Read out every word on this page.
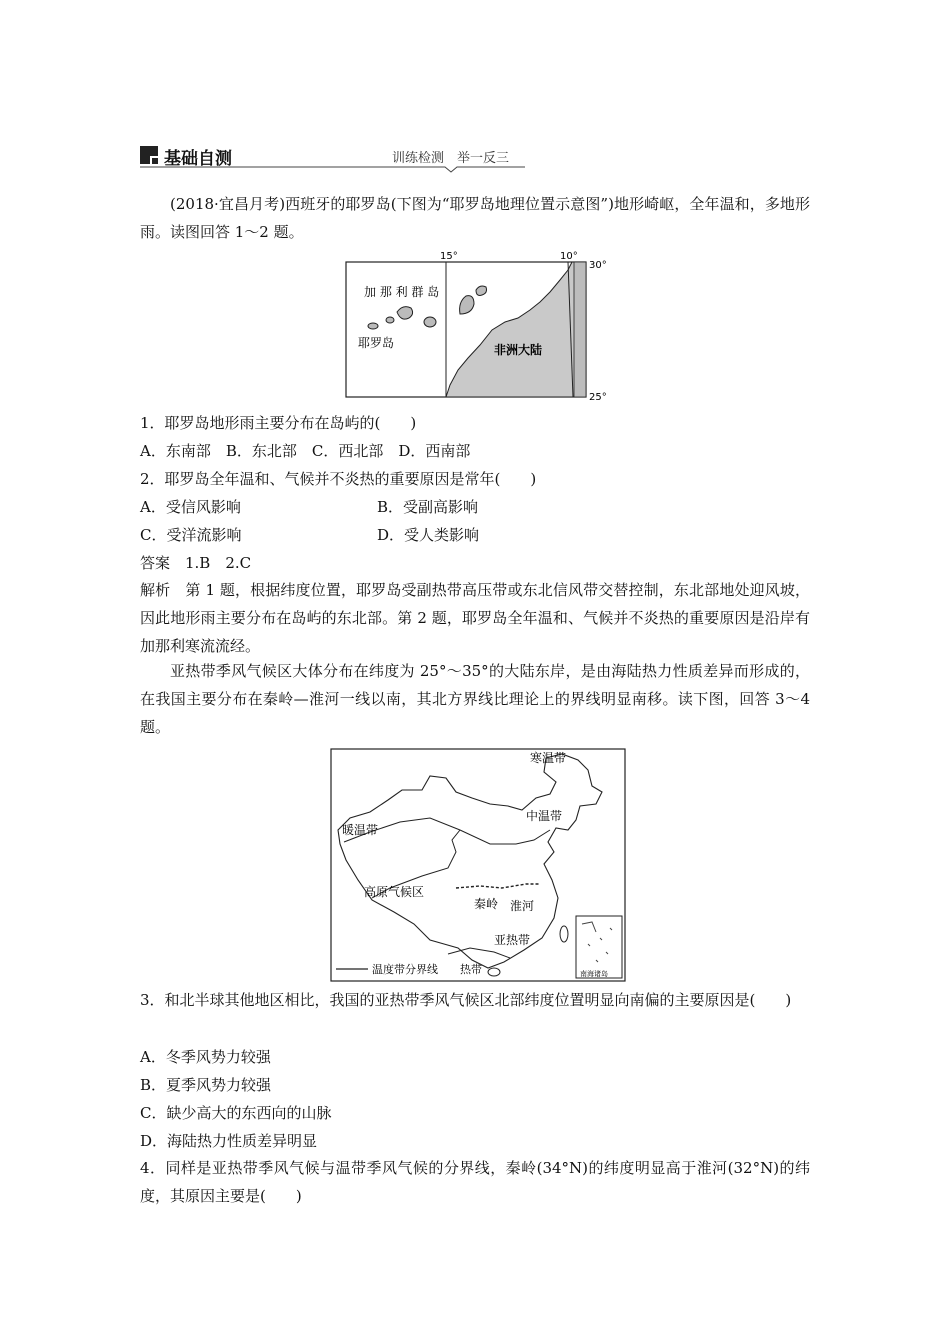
基础自测	训练检测　举一反三
(2018·宜昌月考)西班牙的耶罗岛(下图为“耶罗岛地理位置示意图”)地形崎岖，全年温和，多地形雨。读图回答 1～2 题。
15°	10°
30°
25°
加 那 利 群 岛
耶罗岛	非洲大陆
1．耶罗岛地形雨主要分布在岛屿的(　　)
A．东南部　B．东北部　C．西北部　D．西南部
2．耶罗岛全年温和、气候并不炎热的重要原因是常年(　　)
A．受信风影响	B．受副高影响
C．受洋流影响	D．受人类影响
答案　1.B　2.C
解析　第 1 题，根据纬度位置，耶罗岛受副热带高压带或东北信风带交替控制，东北部地处迎风坡，因此地形雨主要分布在岛屿的东北部。第 2 题，耶罗岛全年温和、气候并不炎热的重要原因是沿岸有加那利寒流流经。
亚热带季风气候区大体分布在纬度为 25°～35°的大陆东岸，是由海陆热力性质差异而形成的，在我国主要分布在秦岭—淮河一线以南，其北方界线比理论上的界线明显南移。读下图，回答 3～4 题。
寒温带
中温带
暖温带
高原气候区
秦岭 淮河
亚热带
温度带分界线 热带	南海诸岛
3．和北半球其他地区相比，我国的亚热带季风气候区北部纬度位置明显向南偏的主要原因是(　　)
A．冬季风势力较强
B．夏季风势力较强
C．缺少高大的东西向的山脉
D．海陆热力性质差异明显
4．同样是亚热带季风气候与温带季风气候的分界线，秦岭(34°N)的纬度明显高于淮河(32°N)的纬度，其原因主要是(　　)
